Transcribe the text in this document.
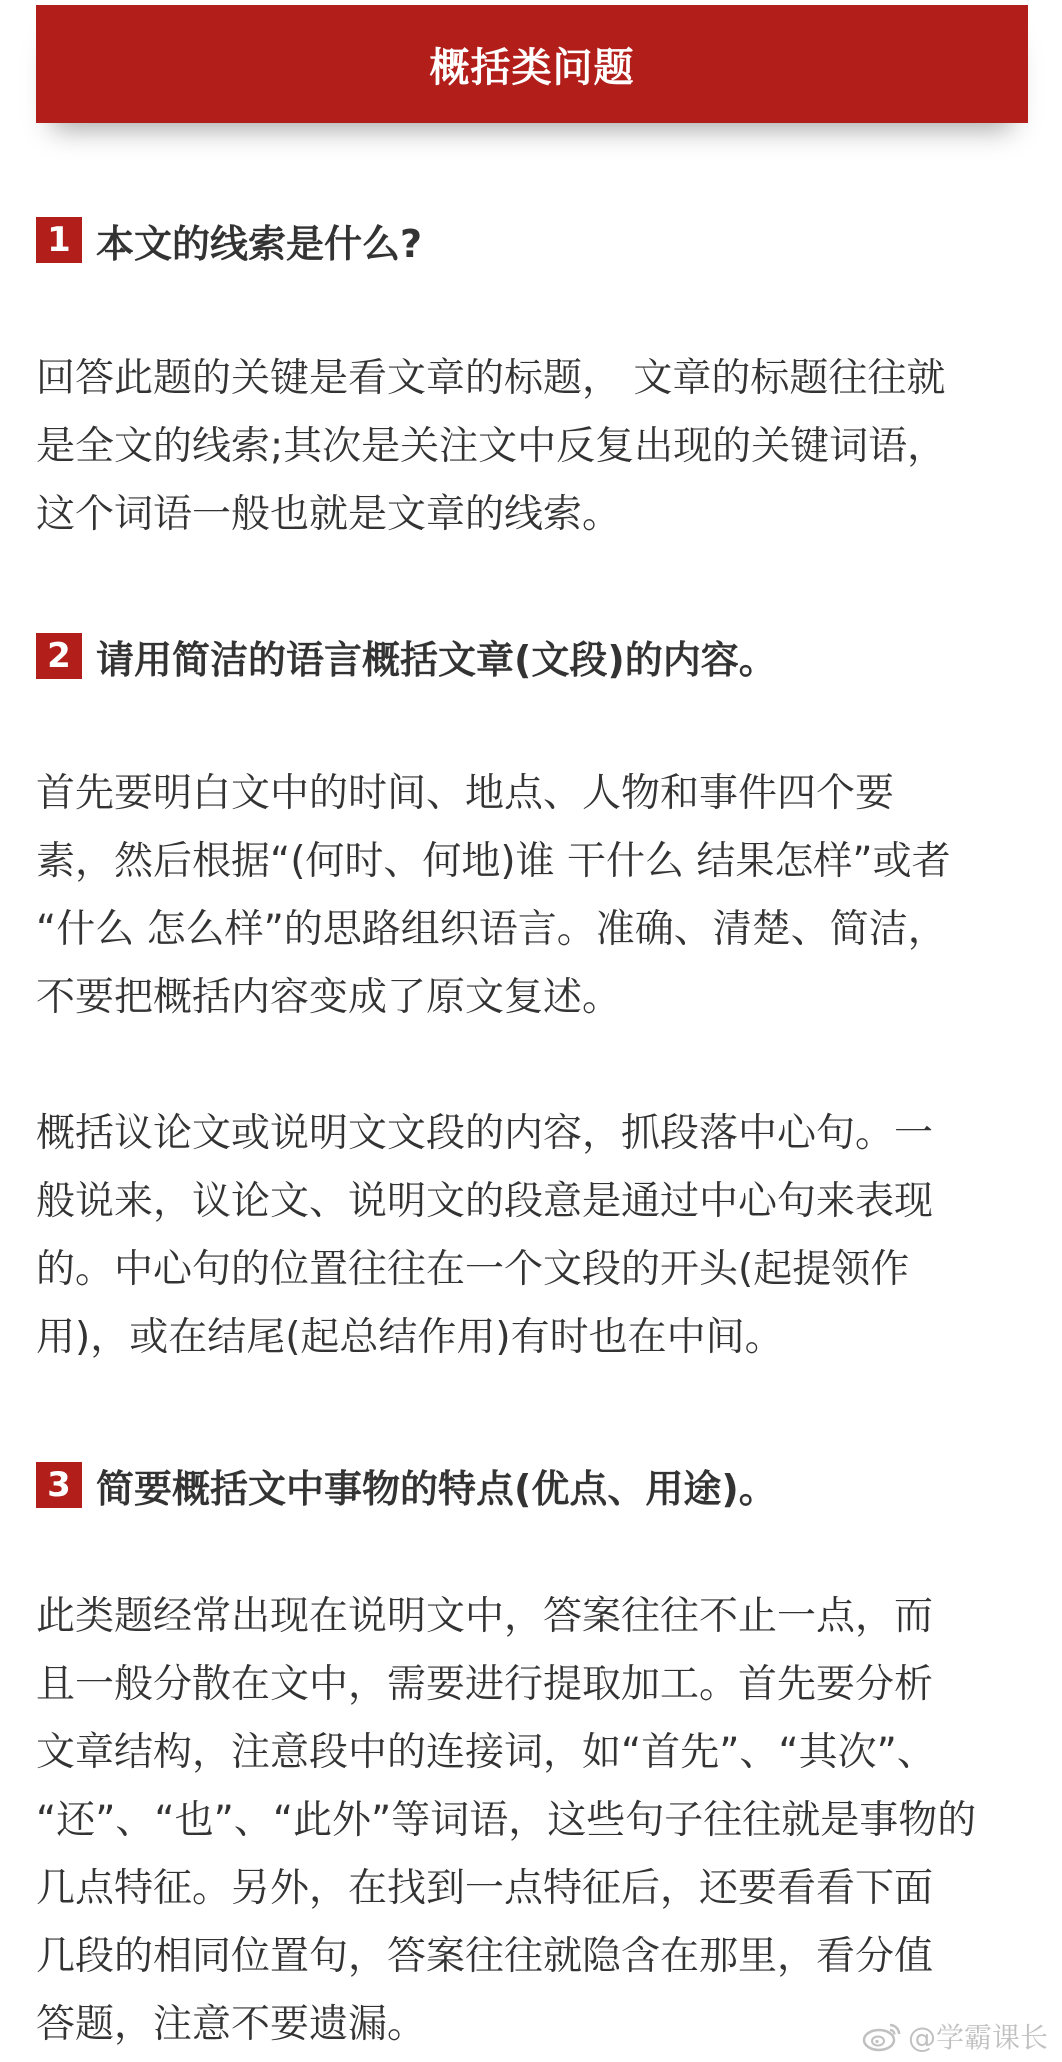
概括类问题
1 本文的线索是什么?
回答此题的关键是看文章的标题， 文章的标题往往就
是全文的线索;其次是关注文中反复出现的关键词语，
这个词语一般也就是文章的线索。
2 请用简洁的语言概括文章(文段)的内容。
首先要明白文中的时间、地点、人物和事件四个要
素，然后根据“(何时、何地)谁 干什么 结果怎样”或者
“什么 怎么样”的思路组织语言。准确、清楚、简洁，
不要把概括内容变成了原文复述。
概括议论文或说明文文段的内容，抓段落中心句。一
般说来，议论文、说明文的段意是通过中心句来表现
的。中心句的位置往往在一个文段的开头(起提领作
用)，或在结尾(起总结作用)有时也在中间。
3 简要概括文中事物的特点(优点、用途)。
此类题经常出现在说明文中，答案往往不止一点，而
且一般分散在文中，需要进行提取加工。首先要分析
文章结构，注意段中的连接词，如“首先”、“其次”、
“还”、“也”、“此外”等词语，这些句子往往就是事物的
几点特征。另外，在找到一点特征后，还要看看下面
几段的相同位置句，答案往往就隐含在那里，看分值
答题，注意不要遗漏。	@学霸课长
